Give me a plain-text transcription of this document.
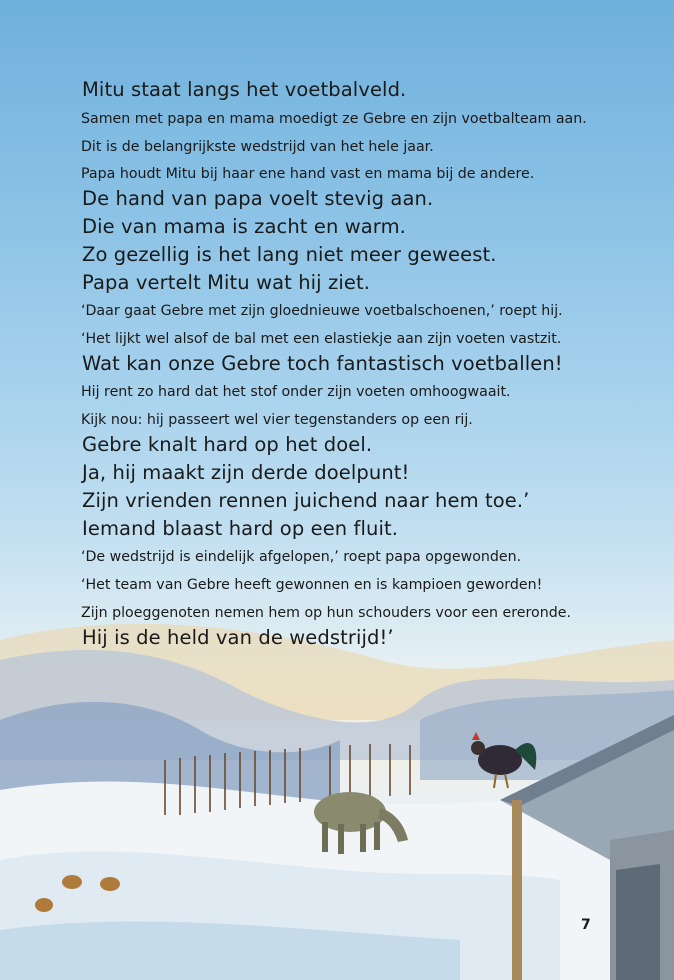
Mitu staat langs het voetbalveld.
Samen met papa en mama moedigt ze Gebre en zijn voetbalteam aan.
Dit is de belangrijkste wedstrijd van het hele jaar.
Papa houdt Mitu bij haar ene hand vast en mama bij de andere.
De hand van papa voelt stevig aan.
Die van mama is zacht en warm.
Zo gezellig is het lang niet meer geweest.
Papa vertelt Mitu wat hij ziet.
‘Daar gaat Gebre met zijn gloednieuwe voetbalschoenen,’ roept hij.
‘Het lijkt wel alsof de bal met een elastiekje aan zijn voeten vastzit.
Wat kan onze Gebre toch fantastisch voetballen!
Hij rent zo hard dat het stof onder zijn voeten omhoogwaait.
Kijk nou: hij passeert wel vier tegenstanders op een rij.
Gebre knalt hard op het doel.
Ja, hij maakt zijn derde doelpunt!
Zijn vrienden rennen juichend naar hem toe.’
Iemand blaast hard op een fluit.
‘De wedstrijd is eindelijk afgelopen,’ roept papa opgewonden.
‘Het team van Gebre heeft gewonnen en is kampioen geworden!
Zijn ploeggenoten nemen hem op hun schouders voor een ereronde.
Hij is de held van de wedstrijd!’
7
